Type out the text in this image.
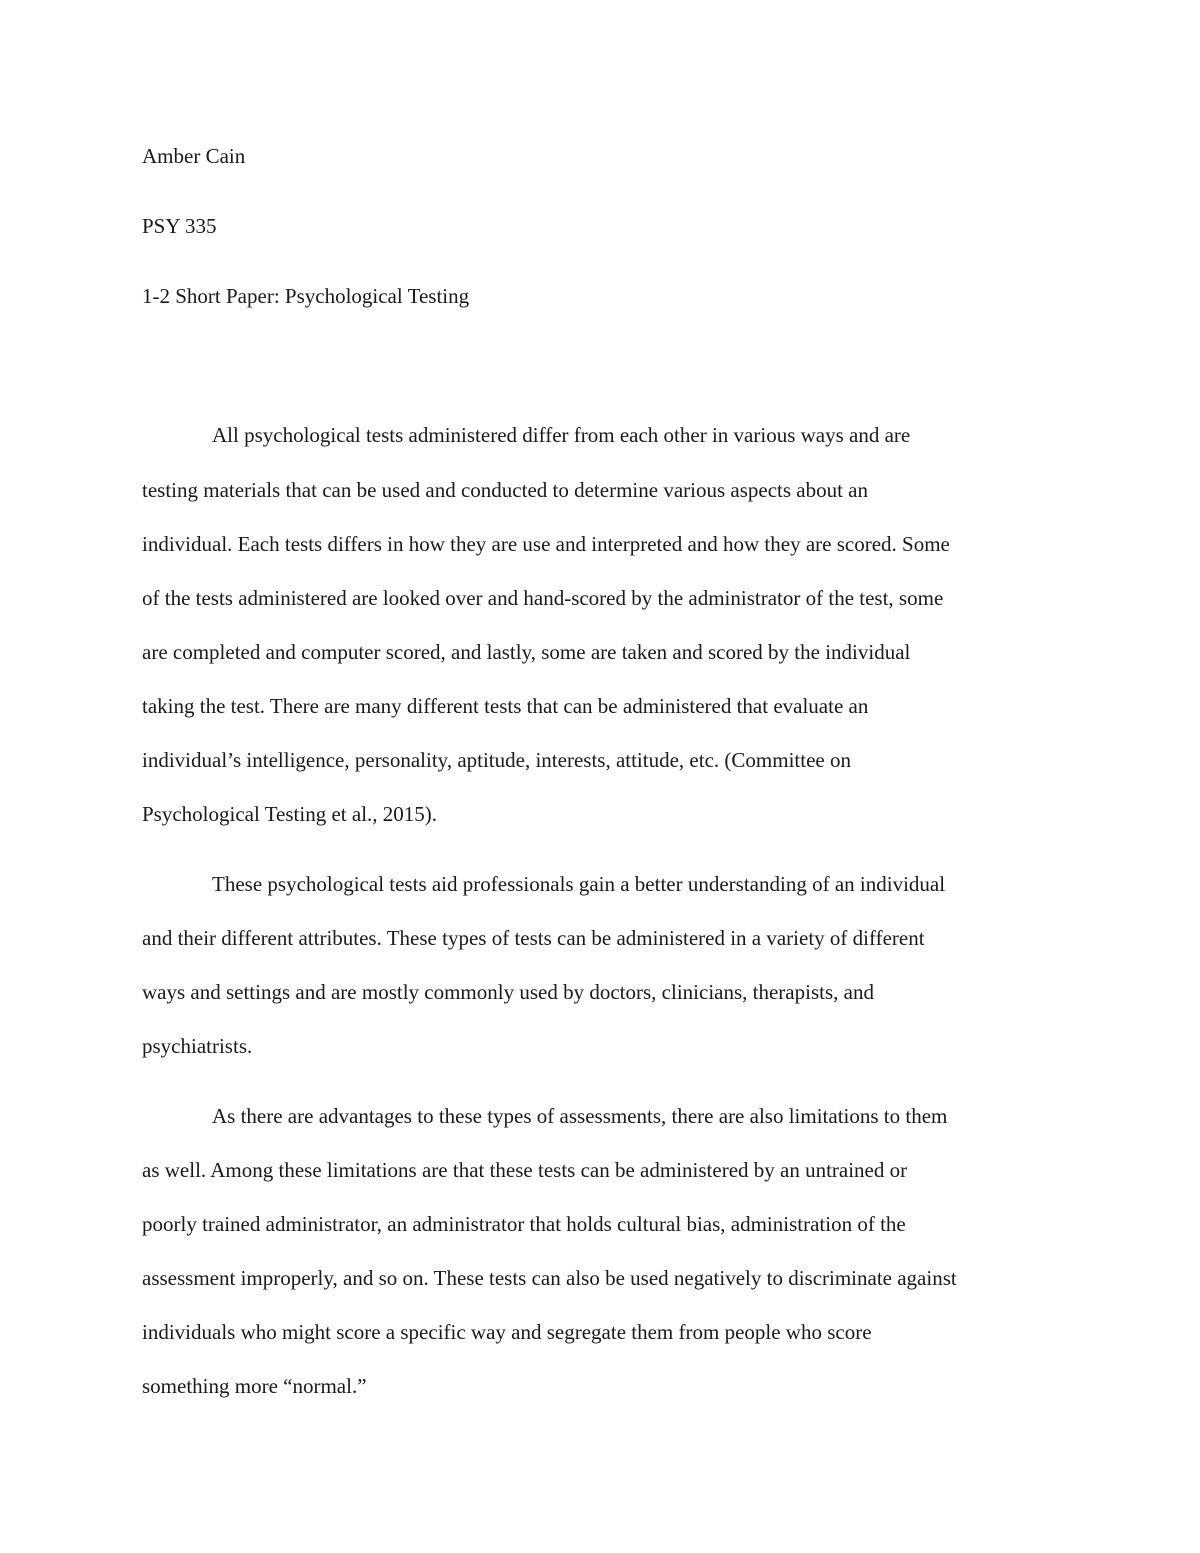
Amber Cain

PSY 335

1-2 Short Paper: Psychological Testing

All psychological tests administered differ from each other in various ways and are

testing materials that can be used and conducted to determine various aspects about an

individual. Each tests differs in how they are use and interpreted and how they are scored. Some

of the tests administered are looked over and hand-scored by the administrator of the test, some

are completed and computer scored, and lastly, some are taken and scored by the individual

taking the test. There are many different tests that can be administered that evaluate an

individual’s intelligence, personality, aptitude, interests, attitude, etc. (Committee on

Psychological Testing et al., 2015).

These psychological tests aid professionals gain a better understanding of an individual

and their different attributes. These types of tests can be administered in a variety of different

ways and settings and are mostly commonly used by doctors, clinicians, therapists, and

psychiatrists.

As there are advantages to these types of assessments, there are also limitations to them

as well. Among these limitations are that these tests can be administered by an untrained or

poorly trained administrator, an administrator that holds cultural bias, administration of the

assessment improperly, and so on. These tests can also be used negatively to discriminate against

individuals who might score a specific way and segregate them from people who score

something more “normal.”
